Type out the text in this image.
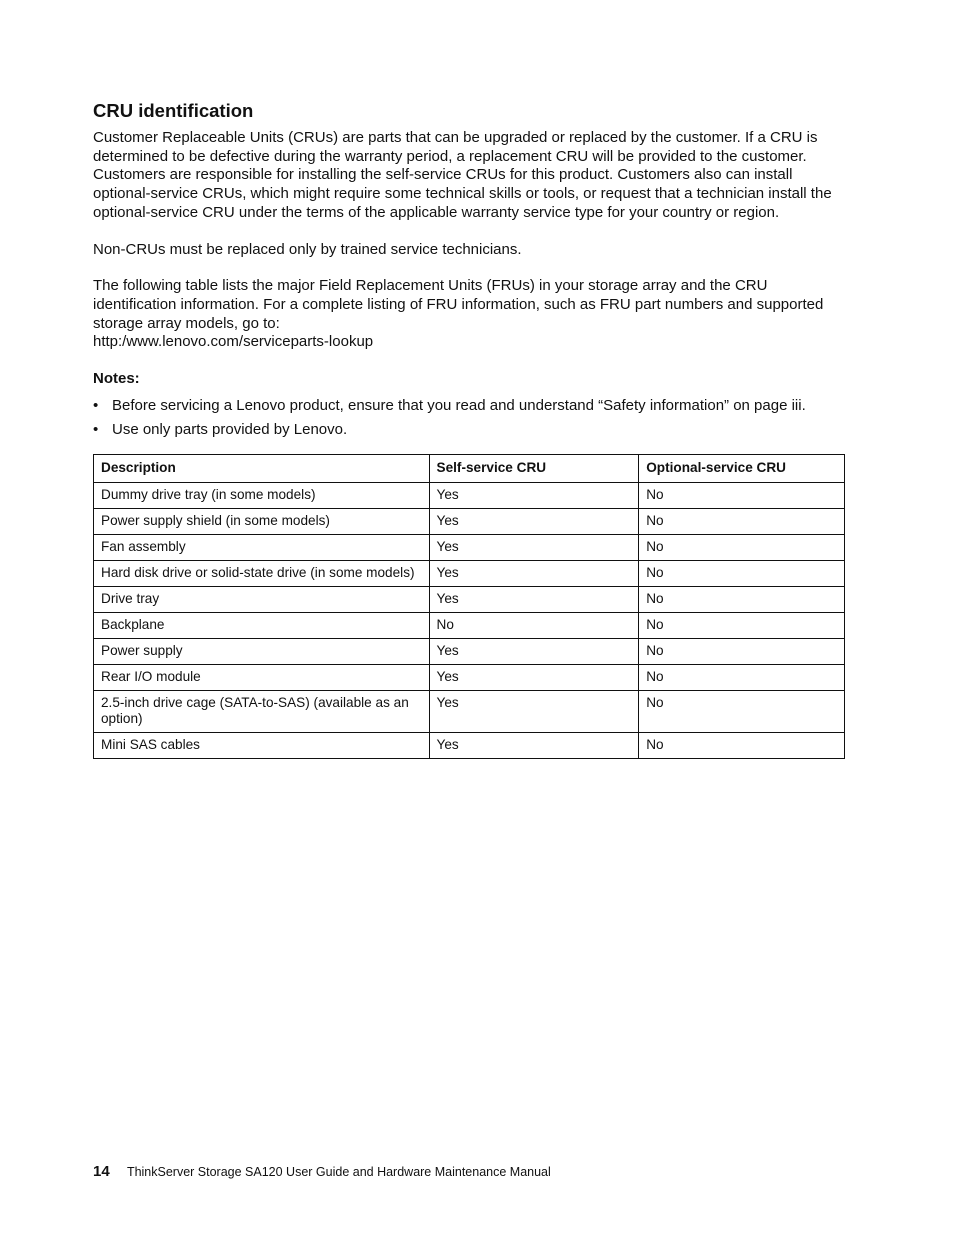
CRU identification

Customer Replaceable Units (CRUs) are parts that can be upgraded or replaced by the customer. If a CRU is determined to be defective during the warranty period, a replacement CRU will be provided to the customer. Customers are responsible for installing the self-service CRUs for this product. Customers also can install optional-service CRUs, which might require some technical skills or tools, or request that a technician install the optional-service CRU under the terms of the applicable warranty service type for your country or region.

Non-CRUs must be replaced only by trained service technicians.

The following table lists the major Field Replacement Units (FRUs) in your storage array and the CRU identification information. For a complete listing of FRU information, such as FRU part numbers and supported storage array models, go to:
http:/www.lenovo.com/serviceparts-lookup

Notes:
• Before servicing a Lenovo product, ensure that you read and understand “Safety information” on page iii.
• Use only parts provided by Lenovo.
Description	Self-service CRU	Optional-service CRU
Dummy drive tray (in some models)	Yes	No
Power supply shield (in some models)	Yes	No
Fan assembly	Yes	No
Hard disk drive or solid-state drive (in some models)	Yes	No
Drive tray	Yes	No
Backplane	No	No
Power supply	Yes	No
Rear I/O module	Yes	No
2.5-inch drive cage (SATA-to-SAS) (available as an option)	Yes	No
Mini SAS cables	Yes	No
14 ThinkServer Storage SA120 User Guide and Hardware Maintenance Manual
